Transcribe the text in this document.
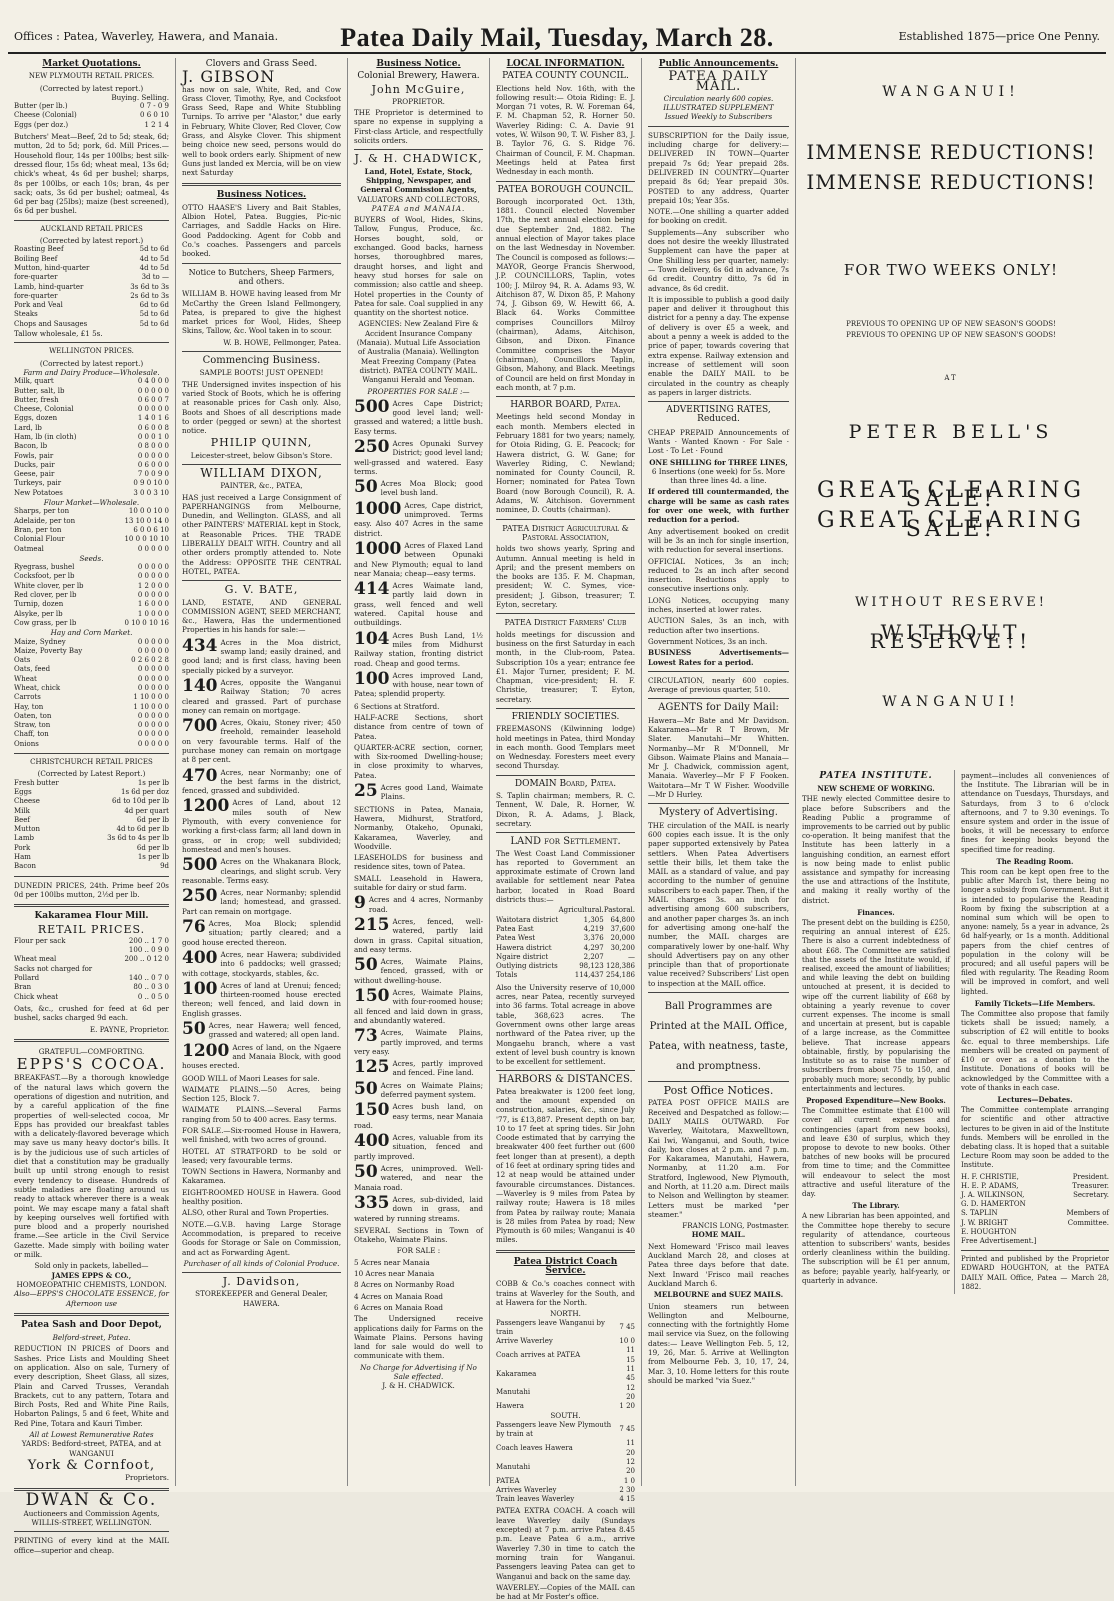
Offices : Patea, Waverley, Hawera, and Manaia.	Patea Daily Mail, Tuesday, March 28.	Established 1875—price One Penny.
Market Quotations.
NEW PLYMOUTH RETAIL PRICES.
(Corrected by latest report.)
Buying. Selling.
Butter (per lb.)	0 7 - 0 9
Cheese (Colonial)	0 6 0 10
Eggs (per doz.)	1 2 1 4
Butchers' Meat—Beef, 2d to 5d; steak, 6d; mutton, 2d to 5d; pork, 6d. Mill Prices.—Household flour, 14s per 100lbs; best silk-dressed flour, 15s 6d; wheat meal, 13s 6d; chick's wheat, 4s 6d per bushel; sharps, 8s per 100lbs, or each 10s; bran, 4s per sack; oats, 3s 6d per bushel; oatmeal, 4s 6d per bag (25lbs); maize (best screened), 6s 6d per bushel.
AUCKLAND RETAIL PRICES
(Corrected by latest report.)
Roasting Beef	5d to 6d
Boiling Beef	4d to 5d
Mutton, hind-quarter	4d to 5d
fore-quarter	3d to —
Lamb, hind-quarter	3s 6d to 3s
fore-quarter	2s 6d to 3s
Pork and Veal	6d to 6d
Steaks	5d to 6d
Chops and Sausages	5d to 6d
Tallow wholesale, £1 5s.
WELLINGTON PRICES.
(Corrected by latest report.)
Farm and Dairy Produce—Wholesale.
Milk, quart	0 4 0 0 0
Butter, salt, lb	0 0 0 0 0
Butter, fresh	0 6 0 0 7
Cheese, Colonial	0 0 0 0 0
Eggs, dozen	1 4 0 1 6
Lard, lb	0 6 0 0 8
Ham, lb (in cloth)	0 0 0 1 0
Bacon, lb	0 8 0 0 0
Fowls, pair	0 0 0 0 0
Ducks, pair	0 6 0 0 0
Geese, pair	7 0 0 9 0
Turkeys, pair	0 9 0 10 0
New Potatoes	3 0 0 3 10
Flour Market—Wholesale.
Sharps, per ton	10 0 0 10 0
Adelaide, per ton	13 10 0 14 0
Bran, per ton	6 0 0 6 10
Colonial Flour	10 0 0 10 10
Oatmeal	0 0 0 0 0
Seeds.
Ryegrass, bushel	0 0 0 0 0
Cocksfoot, per lb	0 0 0 0 0
White clover, per lb	1 2 0 0 0
Red clover, per lb	0 0 0 0 0
Turnip, dozen	1 6 0 0 0
Alsyke, per lb	1 0 0 0 0
Cow grass, per lb	0 10 0 10 16
Hay and Corn Market.
Maize, Sydney	0 0 0 0 0
Maize, Poverty Bay	0 0 0 0 0
Oats	0 2 6 0 2 8
Oats, feed	0 0 0 0 0
Wheat	0 0 0 0 0
Wheat, chick	0 0 0 0 0
Carrots	1 10 0 0 0
Hay, ton	1 10 0 0 0
Oaten, ton	0 0 0 0 0
Straw, ton	0 0 0 0 0
Chaff, ton	0 0 0 0 0
Onions	0 0 0 0 0
CHRISTCHURCH RETAIL PRICES
(Corrected by Latest Report.)
Fresh butter	1s per lb
Eggs	1s 6d per doz
Cheese	6d to 10d per lb
Milk	4d per quart
Beef	6d per lb
Mutton	4d to 6d per lb
Lamb	3s 6d to 4s per lb
Pork	6d per lb
Ham	1s per lb
Bacon	9d
DUNEDIN PRICES, 24th. Prime beef 20s 0d per 100lbs mutton, 2½d per lb.
Kakaramea Flour Mill.
RETAIL PRICES.
Flour per sack	200 .. 1 7 0
	100 .. 0 9 0
Wheat meal	200 .. 0 12 0
Sacks not charged for	
Pollard	140 .. 0 7 0
Bran	80 .. 0 3 0
Chick wheat	0 .. 0 5 0
Oats, &c., crushed for feed at 6d per bushel, sacks charged 9d each.
E. PAYNE, Proprietor.
GRATEFUL—COMFORTING.
EPPS'S COCOA.
BREAKFAST.—By a thorough knowledge of the natural laws which govern the operations of digestion and nutrition, and by a careful application of the fine properties of well-selected cocoa, Mr Epps has provided our breakfast tables with a delicately-flavored beverage which may save us many heavy doctor's bills. It is by the judicious use of such articles of diet that a constitution may be gradually built up until strong enough to resist every tendency to disease. Hundreds of subtle maladies are floating around us ready to attack wherever there is a weak point. We may escape many a fatal shaft by keeping ourselves well fortified with pure blood and a properly nourished frame.—See article in the Civil Service Gazette. Made simply with boiling water or milk.
Sold only in packets, labelled—
JAMES EPPS & CO.,
HOMOEOPATHIC CHEMISTS, LONDON.
Also—EPPS'S CHOCOLATE ESSENCE, for Afternoon use
Patea Sash and Door Depot,
Belford-street, Patea.
REDUCTION IN PRICES of Doors and Sashes. Price Lists and Moulding Sheet on application. Also on sale, Turnery of every description, Sheet Glass, all sizes, Plain and Carved Trusses, Verandah Brackets, cut to any pattern, Totara and Birch Posts, Red and White Pine Rails, Hobarton Palings, 5 and 6 feet, White and Red Pine, Totara and Kauri Timber.
All at Lowest Remunerative Rates
YARDS: Bedford-street, PATEA, and at WANGANUI
York & Cornfoot,
Proprietors.
DWAN & Co.
Auctioneers and Commission Agents, WILLIS-STREET, WELLINGTON.
PRINTING of every kind at the MAIL office—superior and cheap.
Clovers and Grass Seed.
J. GIBSON
has now on sale, White, Red, and Cow Grass Clover, Timothy, Rye, and Cocksfoot Grass Seed, Rape and White Stubbling Turnips. To arrive per "Alastor," due early in February, White Clover, Red Clover, Cow Grass, and Alsyke Clover. This shipment being choice new seed, persons would do well to book orders early. Shipment of new Guns just landed ex Mercia, will be on view next Saturday
Business Notices.
OTTO HAASE'S Livery and Bait Stables, Albion Hotel, Patea. Buggies, Pic-nic Carriages, and Saddle Hacks on Hire. Good Paddocking. Agent for Cobb and Co.'s coaches. Passengers and parcels booked.
Notice to Butchers, Sheep Farmers, and others.
WILLIAM B. HOWE having leased from Mr McCarthy the Green Island Fellmongery, Patea, is prepared to give the highest market prices for Wool, Hides, Sheep Skins, Tallow, &c. Wool taken in to scour.
W. B. HOWE, Fellmonger, Patea.
Commencing Business.
SAMPLE BOOTS! JUST OPENED!
THE Undersigned invites inspection of his varied Stock of Boots, which he is offering at reasonable prices for Cash only. Also, Boots and Shoes of all descriptions made to order (pegged or sewn) at the shortest notice.
PHILIP QUINN,
Leicester-street, below Gibson's Store.
WILLIAM DIXON,
PAINTER, &c., PATEA,
HAS just received a Large Consignment of PAPERHANGINGS from Melbourne, Dunedin, and Wellington. GLASS, and all other PAINTERS' MATERIAL kept in Stock, at Reasonable Prices. THE TRADE LIBERALLY DEALT WITH. Country and all other orders promptly attended to. Note the Address: OPPOSITE THE CENTRAL HOTEL, PATEA.
G. V. BATE,
LAND, ESTATE, AND GENERAL COMMISSION AGENT, SEED MERCHANT, &c., Hawera, Has the undermentioned Properties in his hands for sale:—
434 Acres in the Moa district, swamp land; easily drained, and good land; and is first class, having been specially picked by a surveyor.
140 Acres, opposite the Wanganui Railway Station; 70 acres cleared and grassed. Part of purchase money can remain on mortgage.
700 Acres, Okaiu, Stoney river; 450 freehold, remainder leasehold on very favourable terms. Half of the purchase money can remain on mortgage at 8 per cent.
470 Acres, near Normanby; one of the best farms in the district, fenced, grassed and subdivided.
1200 Acres of Land, about 12 miles south of New Plymouth, with every convenience for working a first-class farm; all land down in grass, or in crop; well subdivided; homestead and men's houses.
500 Acres on the Whakanara Block, clearings, and slight scrub. Very reasonable. Terms easy.
250 Acres, near Normanby; splendid land; homestead, and grassed. Part can remain on mortgage.
76 Acres, Moa Block; splendid situation; partly cleared; and a good house erected thereon.
400 Acres, near Hawera; subdivided into 6 paddocks; well grassed; with cottage, stockyards, stables, &c.
100 Acres of land at Urenui; fenced; thirteen-roomed house erected thereon; well fenced, and laid down in English grasses.
50 Acres, near Hawera; well fenced, grassed and watered; all open land.
1200 Acres of land, on the Ngaere and Manaia Block, with good houses erected.
GOOD WILL of Maori Leases for sale.
WAIMATE PLAINS.—50 Acres, being Section 125, Block 7.
WAIMATE PLAINS.—Several Farms ranging from 50 to 400 acres. Easy terms.
FOR SALE.—Six-roomed House in Hawera, well finished, with two acres of ground.
HOTEL AT STRATFORD to be sold or leased; very favourable terms.
TOWN Sections in Hawera, Normanby and Kakaramea.
EIGHT-ROOMED HOUSE in Hawera. Good healthy position.
ALSO, other Rural and Town Properties.
NOTE.—G.V.B. having Large Storage Accommodation, is prepared to receive Goods for Storage or Sale on Commission, and act as Forwarding Agent.
Purchaser of all kinds of Colonial Produce.
J. Davidson,
STOREKEEPER and General Dealer, HAWERA.
Business Notice.
Colonial Brewery, Hawera.
John McGuire,
PROPRIETOR.
THE Proprietor is determined to spare no expense in supplying a First-class Article, and respectfully solicits orders.
J. & H. CHADWICK,
Land, Hotel, Estate, Stock, Shipping, Newspaper, and General Commission Agents,
VALUATORS AND COLLECTORS,
PATEA and MANAIA.
BUYERS of Wool, Hides, Skins, Tallow, Fungus, Produce, &c. Horses bought, sold, or exchanged. Good backs, harness horses, thoroughbred mares, draught horses, and light and heavy stud horses for sale on commission; also cattle and sheep. Hotel properties in the County of Patea for sale. Coal supplied in any quantity on the shortest notice.
AGENCIES: New Zealand Fire & Accident Insurance Company (Manaia). Mutual Life Association of Australia (Manaia). Wellington Meat Freezing Company (Patea district). PATEA COUNTY MAIL. Wanganui Herald and Yeoman.
PROPERTIES FOR SALE :—
500 Acres Cape District; good level land; well-grassed and watered; a little bush. Easy terms.
250 Acres Opunaki Survey District; good level land; well-grassed and watered. Easy terms.
50 Acres Moa Block; good level bush land.
1000 Acres, Cape district, unimproved. Terms easy. Also 407 Acres in the same district.
1000 Acres of Flaxed Land between Opunaki and New Plymouth; equal to land near Manaia; cheap—easy terms.
414 Acres Waimate land, partly laid down in grass, well fenced and well watered. Capital house and outbuildings.
104 Acres Bush Land, 1½ miles from Midhurst Railway station, fronting district road. Cheap and good terms.
100 Acres improved Land, with house, near town of Patea; splendid property.
6 Sections at Stratford.
HALF-ACRE Sections, short distance from centre of town of Patea.
QUARTER-ACRE section, corner, with Six-roomed Dwelling-house; in close proximity to wharves, Patea.
25 Acres good Land, Waimate Plains.
SECTIONS in Patea, Manaia, Hawera, Midhurst, Stratford, Normanby, Otakeho, Opunaki, Kakaramea, Waverley, and Woodville.
LEASEHOLDS for business and residence sites, town of Patea.
SMALL Leasehold in Hawera, suitable for dairy or stud farm.
9 Acres and 4 acres, Normanby road.
215 Acres, fenced, well-watered, partly laid down in grass. Capital situation, and easy terms.
50 Acres, Waimate Plains, fenced, grassed, with or without dwelling-house.
150 Acres, Waimate Plains, with four-roomed house; all fenced and laid down in grass, and abundantly watered.
73 Acres, Waimate Plains, partly improved, and terms very easy.
125 Acres, partly improved and fenced. Fine land.
50 Acres on Waimate Plains; deferred payment system.
150 Acres bush land, on easy terms, near Manaia road.
400 Acres, valuable from its situation, fenced and partly improved.
50 Acres, unimproved. Well-watered, and near the Manaia road.
335 Acres, sub-divided, laid down in grass, and watered by running streams.
SEVERAL Sections in Town of Otakeho, Waimate Plains.
FOR SALE :
5 Acres near Manaia
10 Acres near Manaia
8 Acres on Normanby Road
4 Acres on Manaia Road
6 Acres on Manaia Road
The Undersigned receive applications daily for Farms on the Waimate Plains. Persons having land for sale would do well to communicate with them.
No Charge for Advertising if No Sale effected.
J. & H. CHADWICK.
LOCAL INFORMATION.
PATEA COUNTY COUNCIL.
Elections held Nov. 16th, with the following result:— Otoia Riding: E. J. Morgan 71 votes, R. W. Foreman 64, F. M. Chapman 52, R. Horner 50. Waverley Riding: C. A. Davie 91 votes, W. Wilson 90, T. W. Fisher 83, J. B. Taylor 76, G. S. Ridge 76. Chairman of Council, F. M. Chapman. Meetings held at Patea first Wednesday in each month.
PATEA BOROUGH COUNCIL.
Borough incorporated Oct. 13th, 1881. Council elected November 17th, the next annual election being due September 2nd, 1882. The annual election of Mayor takes place on the last Wednesday in November. The Council is composed as follows:— MAYOR, George Francis Sherwood, J.P. COUNCILLORS, Taplin, votes 100; J. Milroy 94, R. A. Adams 93, W. Aitchison 87, W. Dixon 85, P. Mahony 74, J. Gibson 69, W. Hewitt 66, A. Black 64. Works Committee comprises Councillors Milroy (chairman), Adams, Aitchison, Gibson, and Dixon. Finance Committee comprises the Mayor (chairman), Councillors Taplin, Gibson, Mahony, and Black. Meetings of Council are held on first Monday in each month, at 7 p.m.
HARBOR BOARD, Patea.
Meetings held second Monday in each month. Members elected in February 1881 for two years; namely, for Otoia Riding, G. E. Peacock; for Hawera district, G. W. Gane; for Waverley Riding, C. Newland; nominated for County Council, R. Horner; nominated for Patea Town Board (now Borough Council), R. A. Adams, W. Aitchison. Government nominee, D. Coutts (chairman).
PATEA District Agricultural & Pastoral Association,
holds two shows yearly, Spring and Autumn. Annual meeting is held in April; and the present members on the books are 135. F. M. Chapman, president; W. C. Symes, vice-president; J. Gibson, treasurer; T. Eyton, secretary.
PATEA District Farmers' Club
holds meetings for discussion and business on the first Saturday in each month, in the Club-room, Patea. Subscription 10s a year; entrance fee £1. Major Turner, president; F. M. Chapman, vice-president; H. F. Christie, treasurer; T. Eyton, secretary.
FRIENDLY SOCIETIES.
FREEMASONS (Kilwinning lodge) hold meetings in Patea, third Monday in each month. Good Templars meet on Wednesday. Foresters meet every second Thursday.
DOMAIN Board, Patea.
S. Taplin chairman; members, R. C. Tennent, W. Dale, R. Horner, W. Dixon, R. A. Adams, J. Black, secretary.
LAND for Settlement.
The West Coast Land Commissioner has reported to Government an approximate estimate of Crown land available for settlement near Patea harbor, located in Road Board districts thus:—
	Agricultural.	Pastoral.
Waitotara district	1,305	64,800
Patea East	4,219	37,600
Patea West	3,376	20,000
Hawera district	4,297	30,200
Ngaire district	2,207	—
Outlying districts	98,123	128,386
Totals	114,437	254,186
Also the University reserve of 10,000 acres, near Patea, recently surveyed into 36 farms. Total acreage in above table, 368,623 acres. The Government owns other large areas northward of the Patea river, up the Mongaehu branch, where a vast extent of level bush country is known to be excellent for settlement.
HARBORS & DISTANCES.
Patea breakwater is 1200 feet long, and the amount expended on construction, salaries, &c., since July '77, is £13,887. Present depth on bar, 10 to 17 feet at spring tides. Sir John Coode estimated that by carrying the breakwater 400 feet further out (600 feet longer than at present), a depth of 16 feet at ordinary spring tides and 12 at neap would be attained under favourable circumstances. Distances.—Waverley is 9 miles from Patea by railway route; Hawera is 18 miles from Patea by railway route; Manaia is 28 miles from Patea by road; New Plymouth is 60 miles; Wanganui is 40 miles.
Patea District Coach Service.
COBB & Co.'s coaches connect with trains at Waverley for the South, and at Hawera for the North.
NORTH.
Passengers leave Wanganui by train	7 45
Arrive Waverley	10 0
Coach arrives at PATEA	11 15
Kakaramea	11 45
Manutahi	12 20
Hawera	1 20
SOUTH.
Passengers leave New Plymouth by train at	7 45
Coach leaves Hawera	11 20
Manutahi	12 20
PATEA	1 0
Arrives Waverley	2 30
Train leaves Waverley	4 15
PATEA EXTRA COACH. A coach will leave Waverley daily (Sundays excepted) at 7 p.m. arrive Patea 8.45 p.m. Leave Patea 6 a.m., arrive Waverley 7.30 in time to catch the morning train for Wanganui. Passengers leaving Patea can get to Wanganui and back on the same day.
WAVERLEY.—Copies of the MAIL can be had at Mr Foster's office.
Public Announcements.
PATEA DAILY MAIL.
Circulation nearly 600 copies.
ILLUSTRATED SUPPLEMENT
Issued Weekly to Subscribers
SUBSCRIPTION for the Daily issue, including charge for delivery:— DELIVERED IN TOWN—Quarter prepaid 7s 6d; Year prepaid 28s. DELIVERED IN COUNTRY—Quarter prepaid 8s 6d; Year prepaid 30s. POSTED to any address, Quarter prepaid 10s; Year 35s.
NOTE.—One shilling a quarter added for booking on credit.
Supplements—Any subscriber who does not desire the weekly Illustrated Supplement can have the paper at One Shilling less per quarter, namely:— Town delivery, 6s 6d in advance, 7s 6d credit. Country ditto, 7s 6d in advance, 8s 6d credit.
It is impossible to publish a good daily paper and deliver it throughout this district for a penny a day. The expense of delivery is over £5 a week, and about a penny a week is added to the price of paper, towards covering that extra expense. Railway extension and increase of settlement will soon enable the DAILY MAIL to be circulated in the country as cheaply as papers in larger districts.
ADVERTISING RATES, Reduced.
CHEAP PREPAID Announcements of Wants · Wanted Known · For Sale · Lost · To Let · Found
ONE SHILLING for THREE LINES,
6 Insertions (one week) for 5s. More than three lines 4d. a line.
If ordered till countermanded, the charge will be same as cash rates for over one week, with further reduction for a period.
Any advertisement booked on credit will be 3s an inch for single insertion, with reduction for several insertions.
OFFICIAL Notices, 3s an inch; reduced to 2s an inch after second insertion. Reductions apply to consecutive insertions only.
LONG Notices, occupying many inches, inserted at lower rates.
AUCTION Sales, 3s an inch, with reduction after two insertions.
Government Notices, 3s an inch.
BUSINESS Advertisements—Lowest Rates for a period.
CIRCULATION, nearly 600 copies. Average of previous quarter, 510.
AGENTS for Daily Mail:
Hawera—Mr Bate and Mr Davidson. Kakaramea—Mr R T Brown, Mr Slater. Manutahi—Mr Whitten. Normanby—Mr R M'Donnell, Mr Gibson. Waimate Plains and Manaia—Mr J. Chadwick, commission agent, Manaia. Waverley—Mr F F Fooken. Waitotara—Mr T W Fisher. Woodville—Mr D Hurley.
Mystery of Advertising.
THE circulation of the MAIL is nearly 600 copies each issue. It is the only paper supported extensively by Patea settlers. When Patea Advertisers settle their bills, let them take the MAIL as a standard of value, and pay according to the number of genuine subscribers to each paper. Then, if the MAIL charges 3s. an inch for advertising among 600 subscribers, and another paper charges 3s. an inch for advertising among one-half the number, the MAIL charges are comparatively lower by one-half. Why should Advertisers pay on any other principle than that of proportionate value received? Subscribers' List open to inspection at the MAIL office.
Ball Programmes are Printed at the MAIL Office, Patea, with neatness, taste, and promptness.
Post Office Notices.
PATEA POST OFFICE MAILS are Received and Despatched as follow:— DAILY MAILS OUTWARD. For Waverley, Waitotara, Maxwelltown, Kai Iwi, Wanganui, and South, twice daily, box closes at 2 p.m. and 7 p.m. For Kakaramea, Manutahi, Hawera, Normanby, at 11.20 a.m. For Stratford, Inglewood, New Plymouth, and North, at 11.20 a.m. Direct mails to Nelson and Wellington by steamer. Letters must be marked "per steamer."
FRANCIS LONG, Postmaster.
HOME MAIL.
Next Homeward 'Frisco mail leaves Auckland March 28, and closes at Patea three days before that date. Next Inward 'Frisco mail reaches Auckland March 6.
MELBOURNE and SUEZ MAILS.
Union steamers run between Wellington and Melbourne, connecting with the fortnightly Home mail service via Suez, on the following dates:— Leave Wellington Feb. 5, 12, 19, 26, Mar. 5. Arrive at Wellington from Melbourne Feb. 3, 10, 17, 24, Mar. 3, 10. Home letters for this route should be marked "via Suez."
WANGANUI!
IMMENSE REDUCTIONS!
IMMENSE REDUCTIONS!
FOR TWO WEEKS ONLY!
PREVIOUS TO OPENING UP OF NEW SEASON'S GOODS!
PREVIOUS TO OPENING UP OF NEW SEASON'S GOODS!
AT
PETER BELL'S
GREAT CLEARING SALE!
GREAT CLEARING SALE!
WITHOUT RESERVE!
WITHOUT RESERVE!!
WANGANUI!
PATEA INSTITUTE.
NEW SCHEME OF WORKING.
THE newly elected Committee desire to place before Subscribers and the Reading Public a programme of improvements to be carried out by public co-operation. It being manifest that the Institute has been latterly in a languishing condition, an earnest effort is now being made to enlist public assistance and sympathy for increasing the use and attractions of the Institute, and making it really worthy of the district.
Finances.
The present debt on the building is £250, requiring an annual interest of £25. There is also a current indebtedness of about £68. The Committee are satisfied that the assets of the Institute would, if realised, exceed the amount of liabilities; and while leaving the debt on building untouched at present, it is decided to wipe off the current liability of £68 by obtaining a yearly revenue to cover current expenses. The income is small and uncertain at present, but is capable of a large increase, as the Committee believe. That increase appears obtainable, firstly, by popularising the Institute so as to raise the number of subscribers from about 75 to 150, and probably much more; secondly, by public entertainments and lectures.
Proposed Expenditure—New Books.
The Committee estimate that £100 will cover all current expenses and contingencies (apart from new books), and leave £30 of surplus, which they propose to devote to new books. Other batches of new books will be procured from time to time; and the Committee will endeavour to select the most attractive and useful literature of the day.
The Library.
A new Librarian has been appointed, and the Committee hope thereby to secure regularity of attendance, courteous attention to subscribers' wants, besides orderly cleanliness within the building. The subscription will be £1 per annum, as before; payable yearly, half-yearly, or quarterly in advance.
payment—includes all conveniences of the Institute. The Librarian will be in attendance on Tuesdays, Thursdays, and Saturdays, from 3 to 6 o'clock afternoons, and 7 to 9.30 evenings. To ensure system and order in the issue of books, it will be necessary to enforce fines for keeping books beyond the specified time for reading.
The Reading Room.
This room can be kept open free to the public after March 1st, there being no longer a subsidy from Government. But it is intended to popularise the Reading Room by fixing the subscription at a nominal sum which will be open to anyone: namely, 5s a year in advance, 2s 6d half-yearly, or 1s a month. Additional papers from the chief centres of population in the colony will be procured; and all useful papers will be filed with regularity. The Reading Room will be improved in comfort, and well lighted.
Family Tickets—Life Members.
The Committee also propose that family tickets shall be issued; namely, a subscription of £2 will entitle to books &c. equal to three memberships. Life members will be created on payment of £10 or over as a donation to the Institute. Donations of books will be acknowledged by the Committee with a vote of thanks in each case.
Lectures—Debates.
The Committee contemplate arranging for scientific and other attractive lectures to be given in aid of the Institute funds. Members will be enrolled in the debating class. It is hoped that a suitable Lecture Room may soon be added to the Institute.
H. F. CHRISTIE,	President.
H. E. P. ADAMS,	Treasurer.
J. A. WILKINSON,	Secretary.
G. D. HAMERTON	
S. TAPLIN	Members of
J. W. BRIGHT	Committee.
E. HOUGHTON	
Free Advertisement.]
Printed and published by the Proprietor EDWARD HOUGHTON, at the PATEA DAILY MAIL Office, Patea — March 28, 1882.
